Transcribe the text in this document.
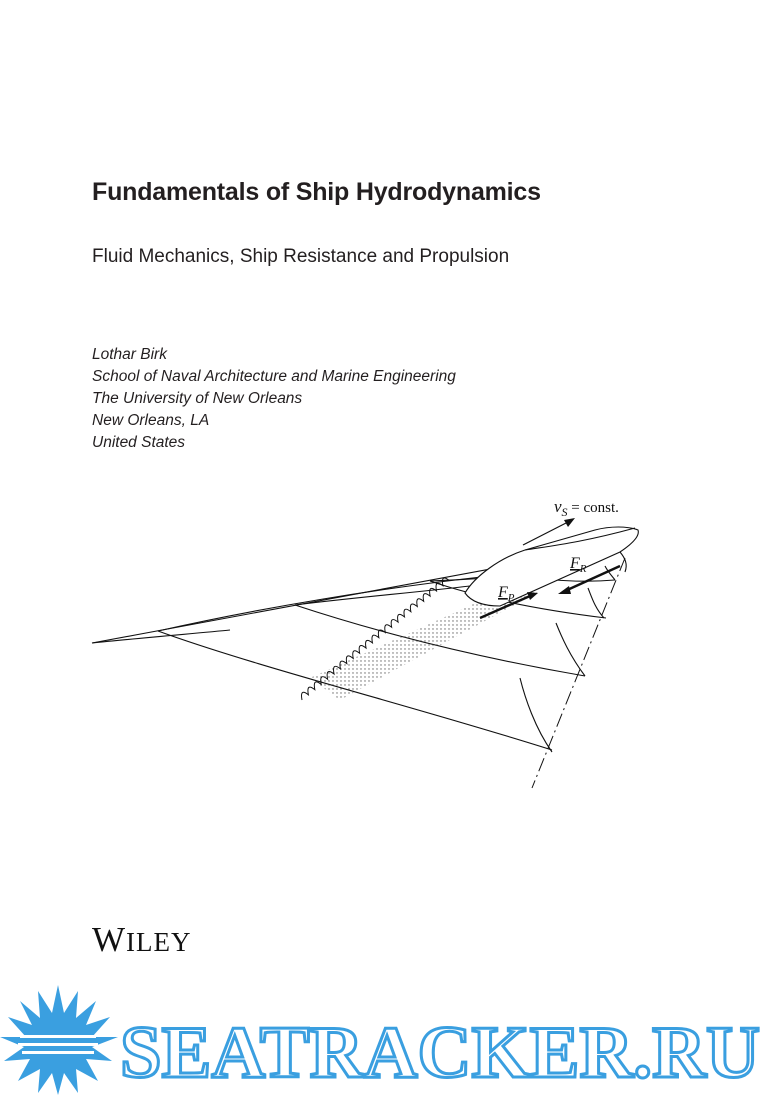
Fundamentals of Ship Hydrodynamics
Fluid Mechanics, Ship Resistance and Propulsion
Lothar Birk
School of Naval Architecture and Marine Engineering
The University of New Orleans
New Orleans, LA
United States
$v_S$ = const.
$F_R$
$F_P$
WILEY
SEATRACKER.RU
